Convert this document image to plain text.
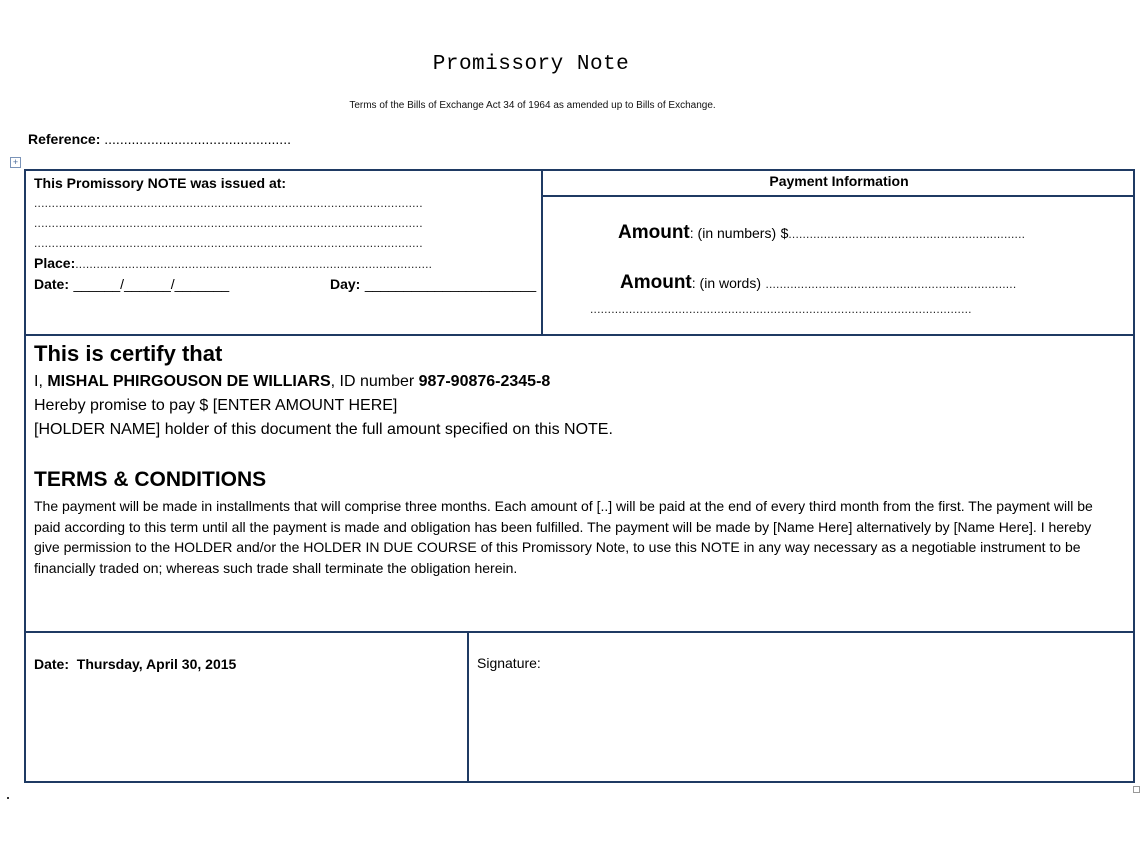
Promissory Note
Terms of the Bills of Exchange Act 34 of 1964 as amended up to Bills of Exchange.
Reference: ................................................
+
This Promissory NOTE was issued at:
..............................................................................................................
..............................................................................................................
..............................................................................................................
Place:.....................................................................................................
Date: ______/______/_______	Day: ______________________
Payment Information
Amount: (in numbers) $...................................................................
Amount: (in words) .......................................................................
............................................................................................................
This is certify that
I, MISHAL PHIRGOUSON DE WILLIARS, ID number 987-90876-2345-8
Hereby promise to pay $ [ENTER AMOUNT HERE]
[HOLDER NAME] holder of this document the full amount specified on this NOTE.
TERMS & CONDITIONS
The payment will be made in installments that will comprise three months. Each amount of [..] will be paid at the end of every third month from the first. The payment will be paid according to this term until all the payment is made and obligation has been fulfilled. The payment will be made by [Name Here] alternatively by [Name Here]. I hereby give permission to the HOLDER and/or the HOLDER IN DUE COURSE of this Promissory Note, to use this NOTE in any way necessary as a negotiable instrument to be financially traded on; whereas such trade shall terminate the obligation herein.
Date: Thursday, April 30, 2015	Signature:
